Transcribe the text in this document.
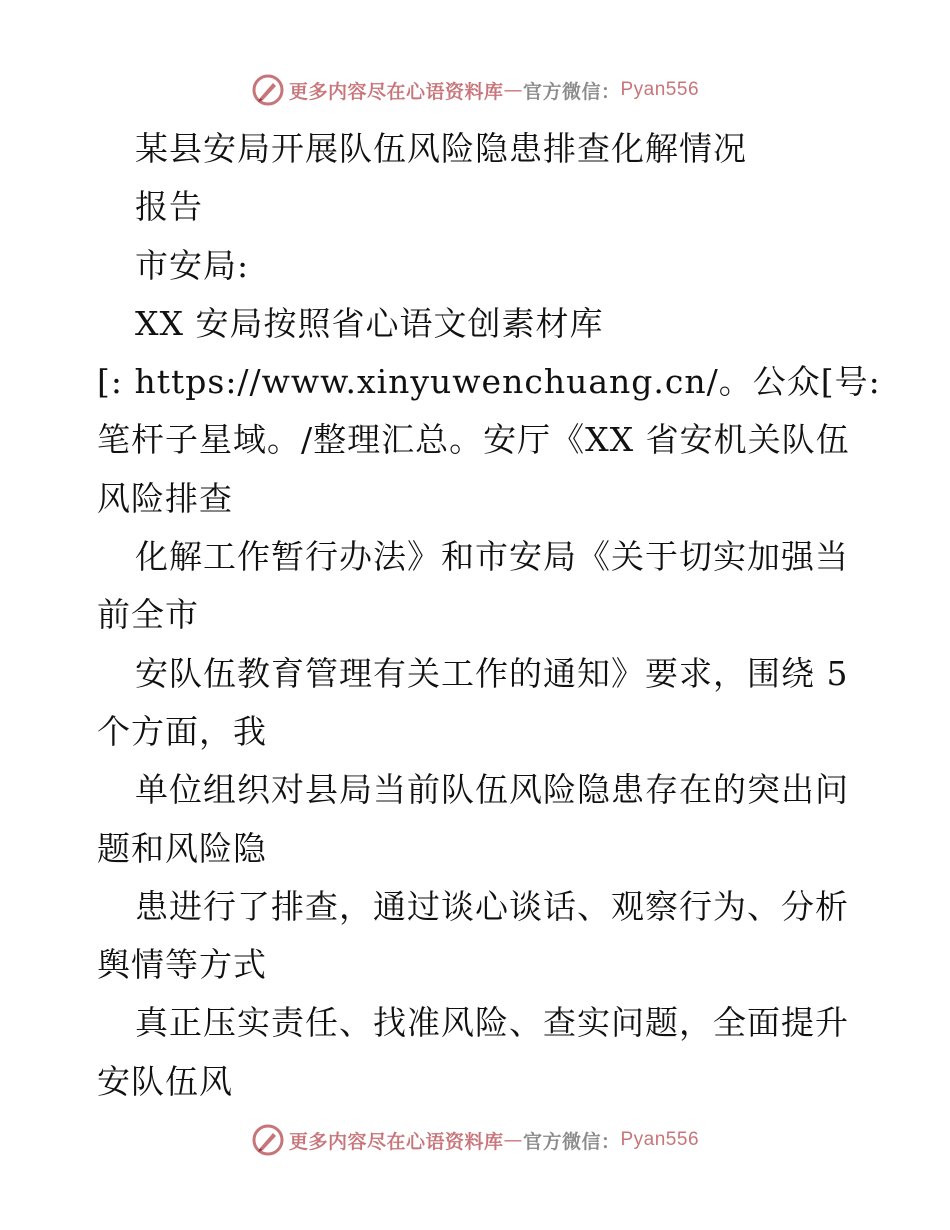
更多内容尽在心语资料库 — 官方微信： Pyan556
某县安局开展队伍风险隐患排查化解情况
报告
市安局:
XX 安局按照省心语文创素材库
[: https://www.xinyuwenchuang.cn/。公众[号:
笔杆子星域。/整理汇总。安厅《XX 省安机关队伍
风险排查
化解工作暂行办法》和市安局《关于切实加强当
前全市
安队伍教育管理有关工作的通知》要求，围绕 5
个方面，我
单位组织对县局当前队伍风险隐患存在的突出问
题和风险隐
患进行了排查，通过谈心谈话、观察行为、分析
舆情等方式
真正压实责任、找准风险、查实问题，全面提升
安队伍风
更多内容尽在心语资料库 — 官方微信： Pyan556
